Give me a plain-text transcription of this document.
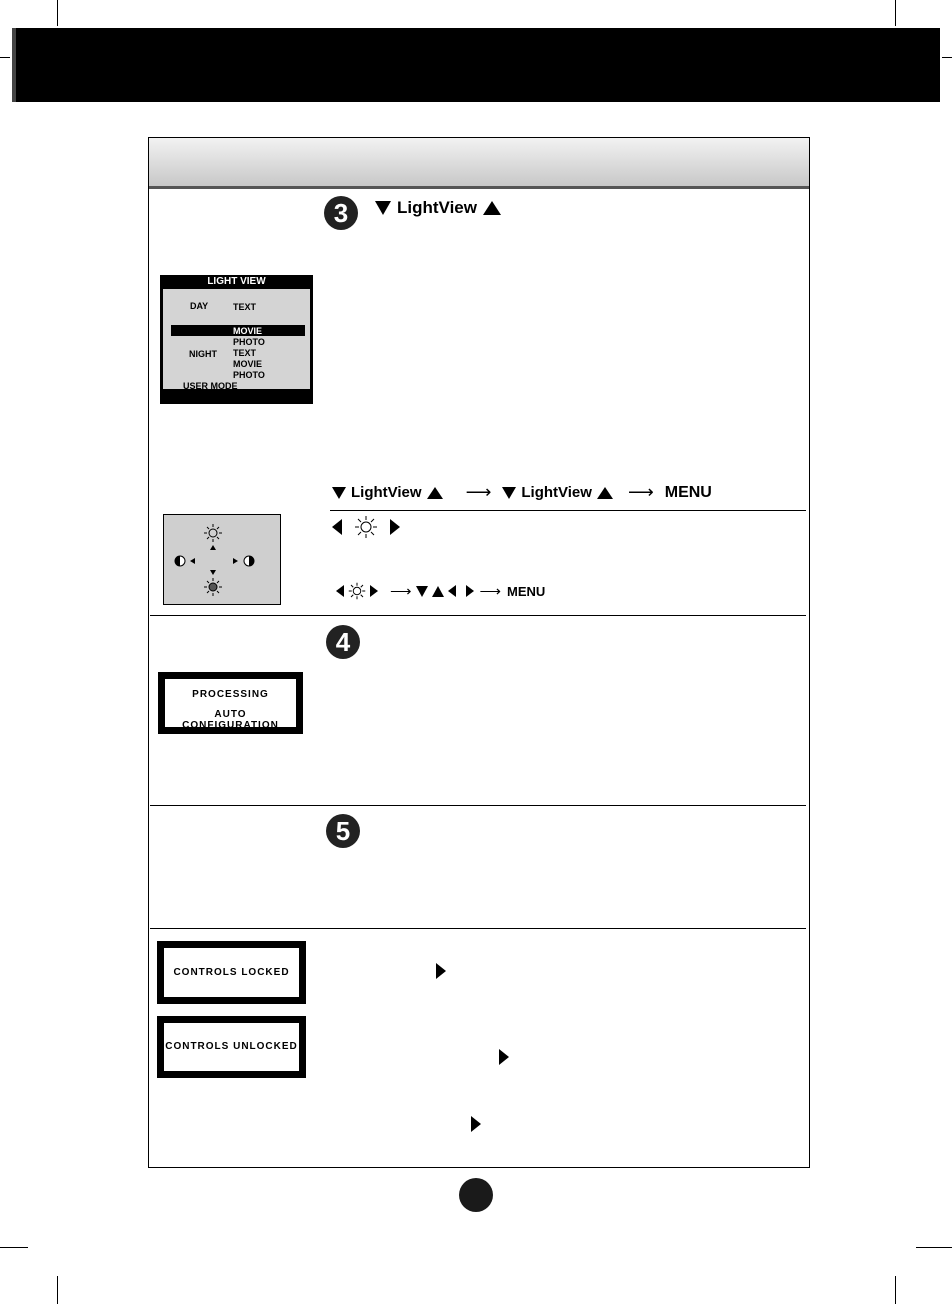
3	LightView
LIGHT VIEW
DAY	TEXT
MOVIE
PHOTO
NIGHT TEXT
MOVIE
PHOTO
USER MODE
LightView ⟶ LightView ⟶ MENU
⟶	⟶ MENU
4
PROCESSING
AUTO CONFIGURATION
5
CONTROLS LOCKED
CONTROLS UNLOCKED
